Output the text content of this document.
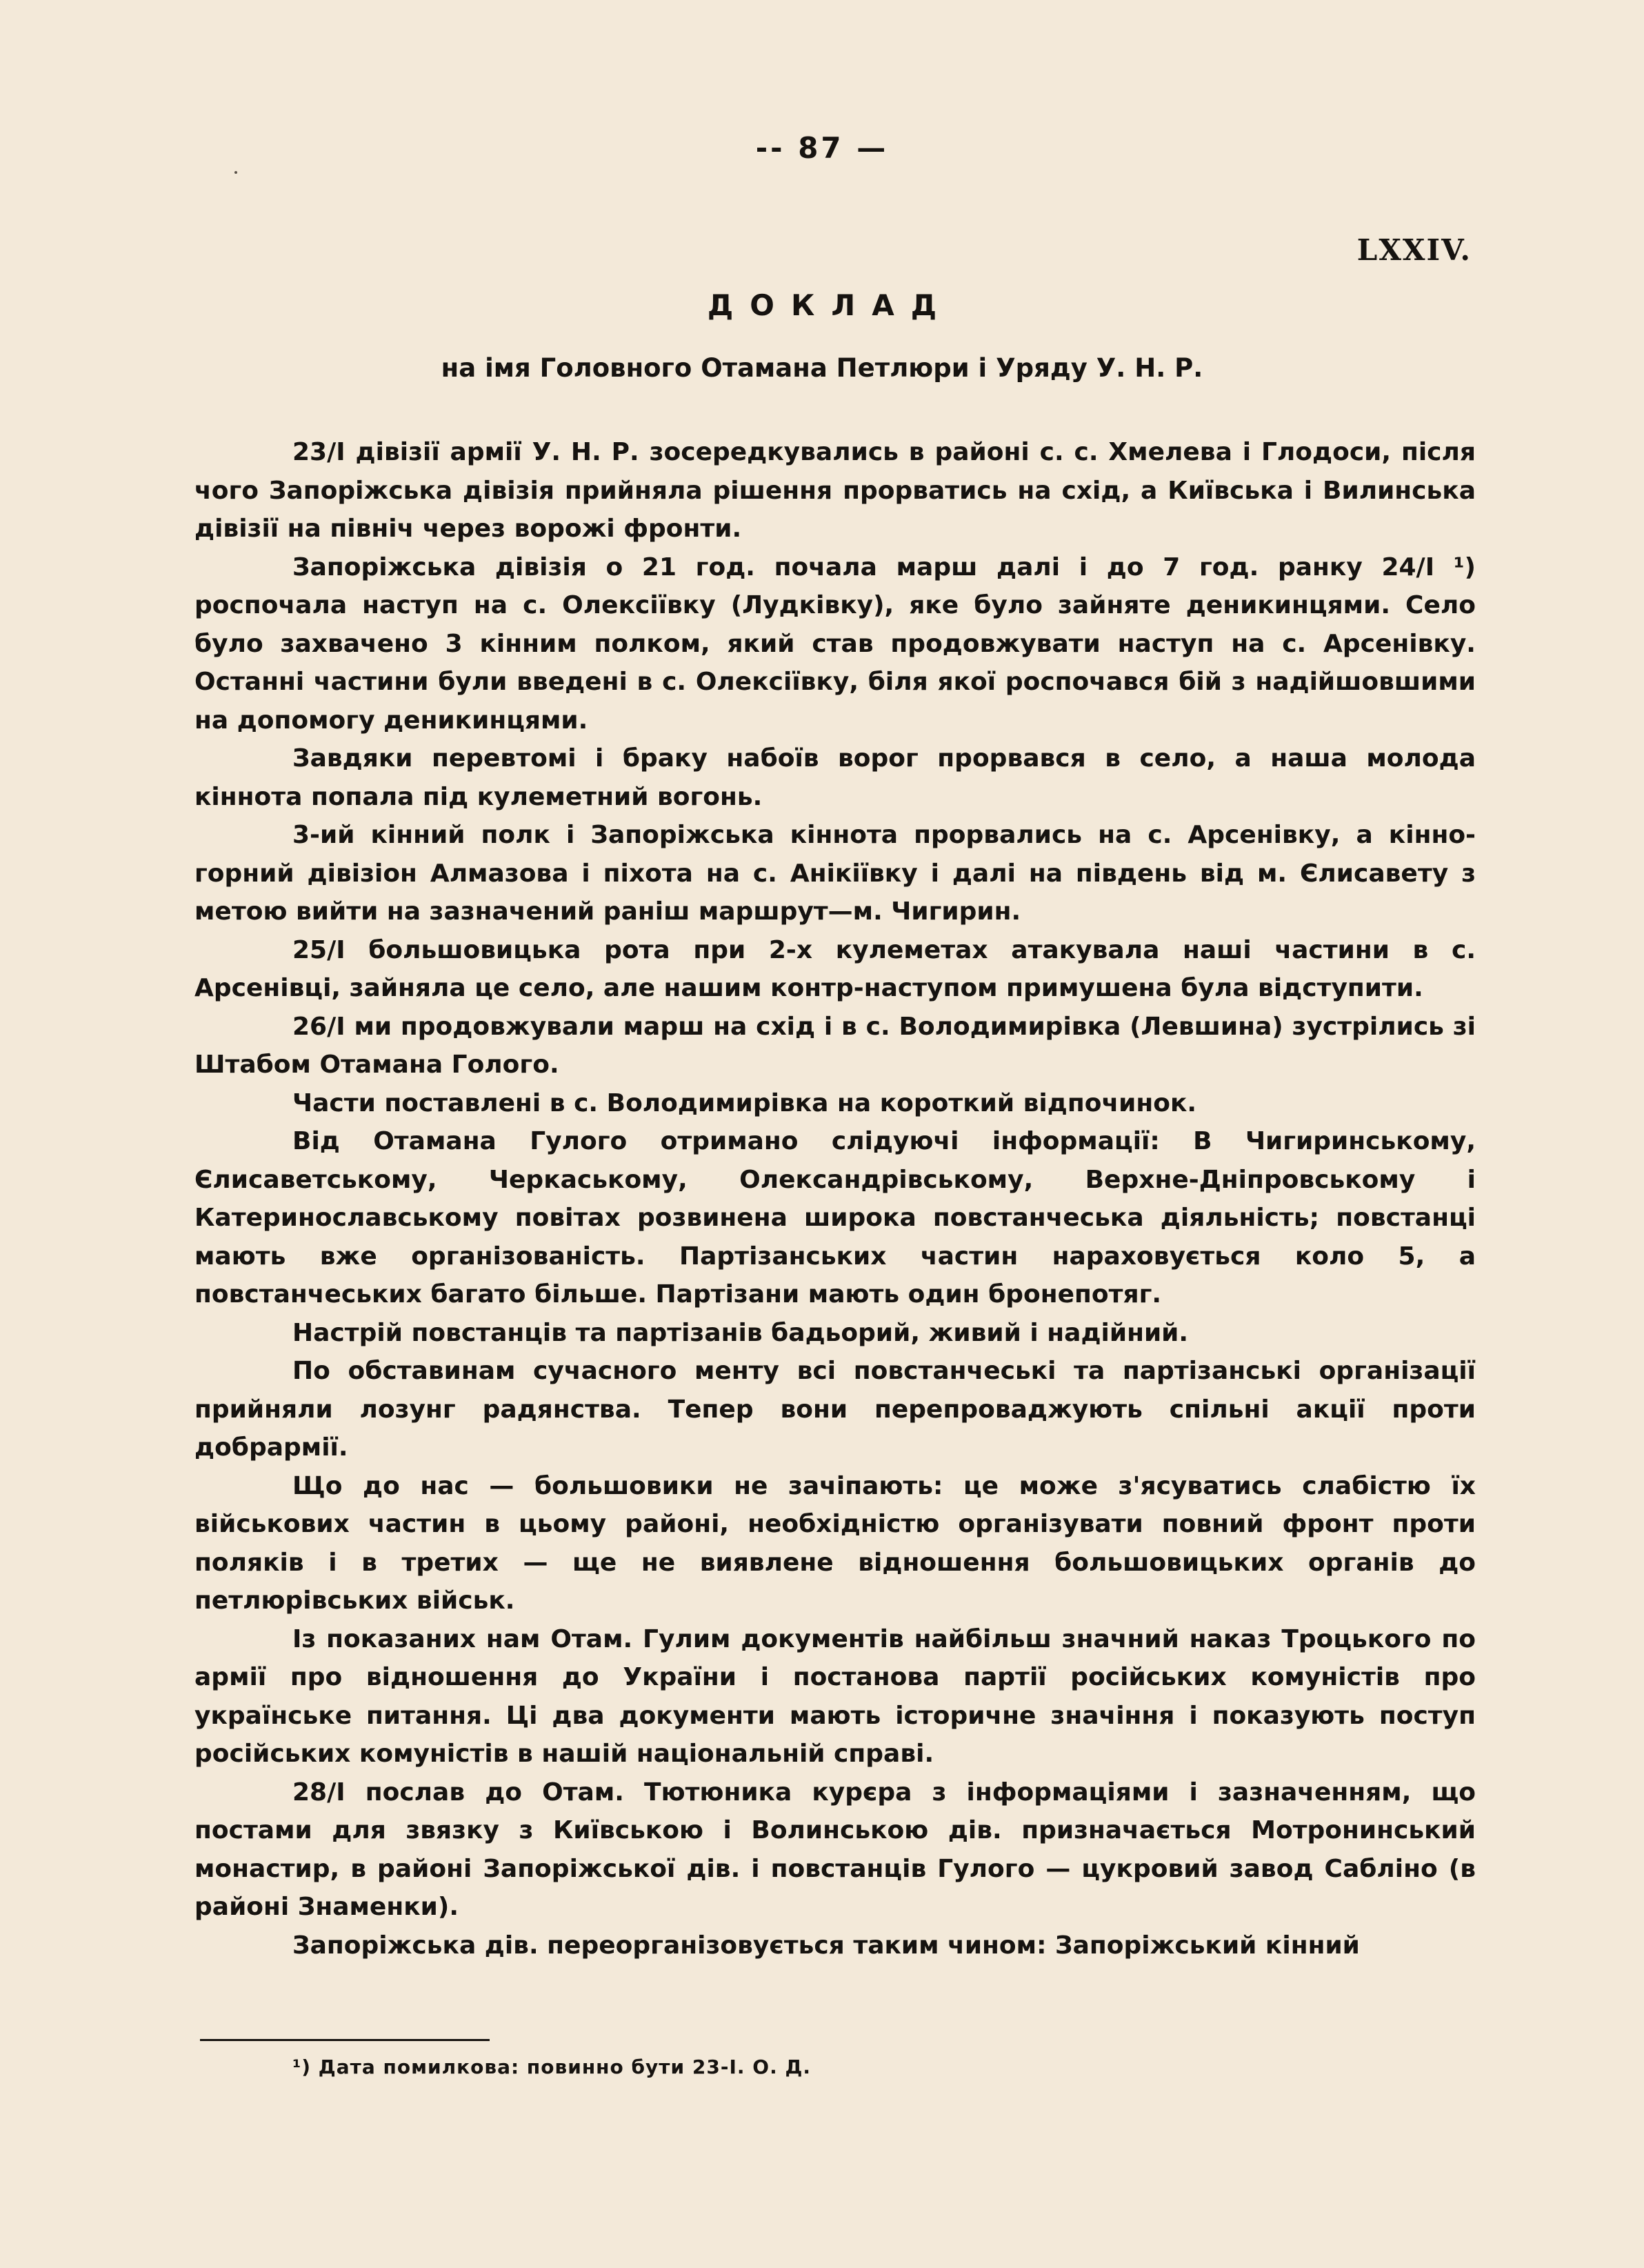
-- 87 —
LXXIV.
ДОКЛАД
на імя Головного Отамана Петлюри і Уряду У. Н. Р.

23/І дівізії армії У. Н. Р. зосередкувались в районі с. с. Хмелева і Глодоси, після чого Запоріжська дівізія прийняла рішення прорватись на схід, а Київська і Вилинська дівізії на північ через ворожі фронти.

Запоріжська дівізія о 21 год. почала марш далі і до 7 год. ранку 24/І ¹) роспочала наступ на с. Олексіївку (Лудківку), яке було зайняте деникинцями. Село було захвачено 3 кінним полком, який став продовжувати наступ на с. Арсенівку. Останні частини були введені в с. Олексіївку, біля якої роспочався бій з надійшовшими на допомогу деникинцями.

Завдяки перевтомі і браку набоїв ворог прорвався в село, а наша молода кіннота попала під кулеметний вогонь.

3-ий кінний полк і Запоріжська кіннота прорвались на с. Арсенівку, а кінно-горний дівізіон Алмазова і піхота на с. Анікіївку і далі на південь від м. Єлисавету з метою вийти на зазначений раніш маршрут—м. Чигирин.

25/І большовицька рота при 2-х кулеметах атакувала наші частини в с. Арсенівці, зайняла це село, але нашим контр-наступом примушена була відступити.

26/І ми продовжували марш на схід і в с. Володимирівка (Левшина) зустрілись зі Штабом Отамана Голого.

Части поставлені в с. Володимирівка на короткий відпочинок.

Від Отамана Гулого отримано слідуючі інформації: В Чигиринському, Єлисаветському, Черкаському, Олександрівському, Верхне-Дніпровському і Катеринославському повітах розвинена широка повстанчеська діяльність; повстанці мають вже організованість. Партізанських частин нараховується коло 5, а повстанчеських багато більше. Партізани мають один бронепотяг.

Настрій повстанців та партізанів бадьорий, живий і надійний.

По обставинам сучасного менту всі повстанчеські та партізанські організації прийняли лозунг радянства. Тепер вони перепроваджують спільні акції проти добрармії.

Що до нас — большовики не зачіпають: це може з'ясуватись слабістю їх військових частин в цьому районі, необхідністю організувати повний фронт проти поляків і в третих — ще не виявлене відношення большовицьких органів до петлюрівських військ.

Із показаних нам Отам. Гулим документів найбільш значний наказ Троцького по армії про відношення до України і постанова партії російських комуністів про українське питання. Ці два документи мають історичне значіння і показують поступ російських комуністів в нашій національній справі.

28/І послав до Отам. Тютюника курєра з інформаціями і зазначенням, що постами для звязку з Київською і Волинською дів. призначається Мотронинський монастир, в районі Запоріжської дів. і повстанців Гулого — цукровий завод Сабліно (в районі Знаменки).

Запоріжська дів. переорганізовується таким чином: Запоріжський кінний

¹) Дата помилкова: повинно бути 23-І. О. Д.
